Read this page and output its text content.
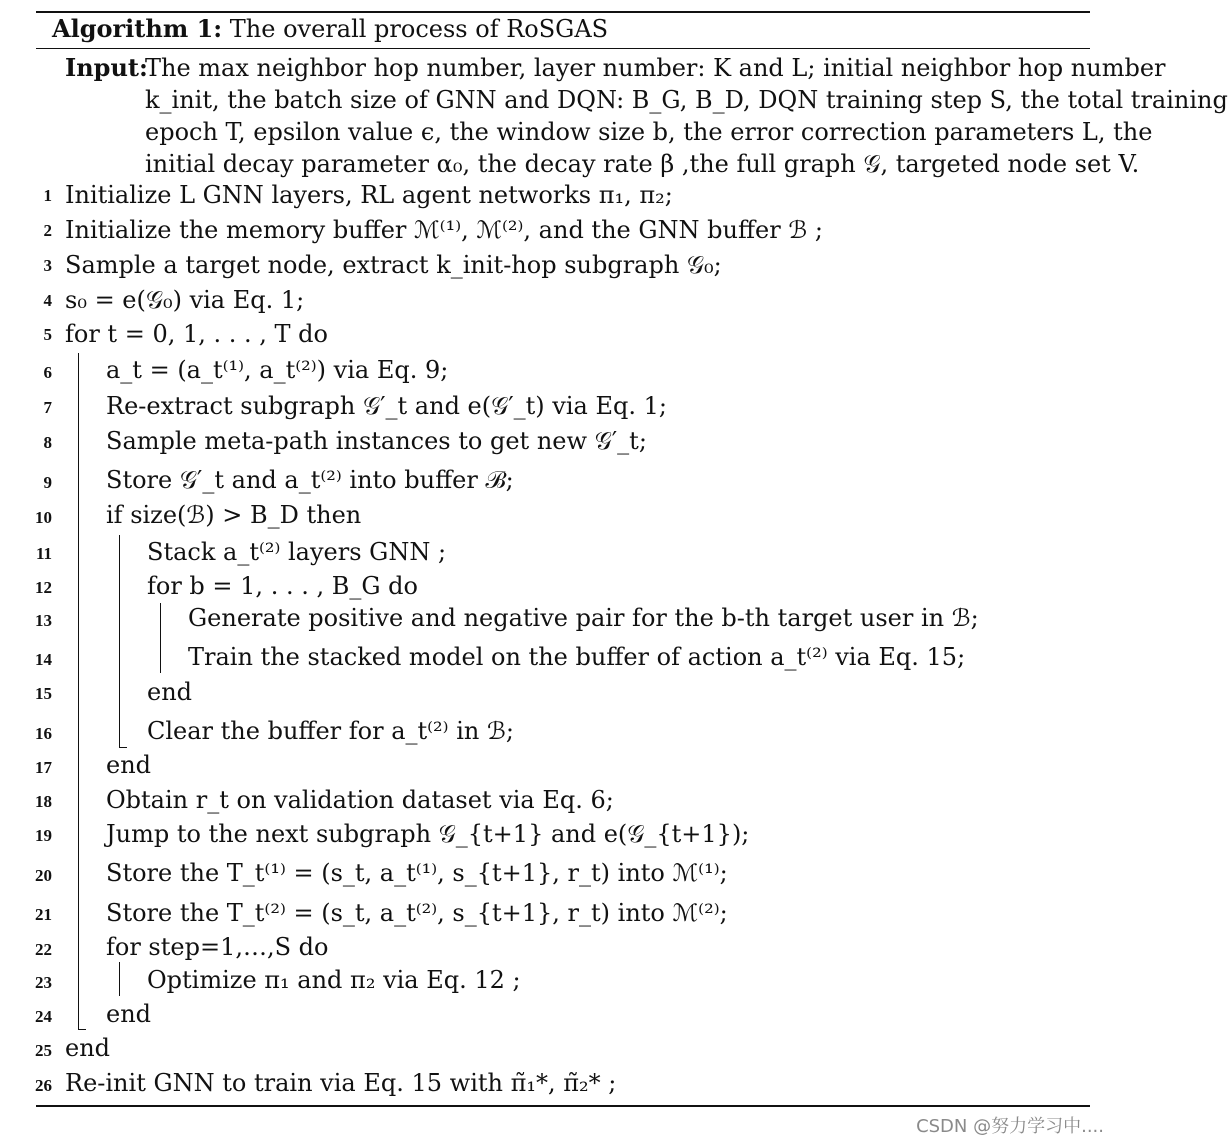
Algorithm 1: The overall process of RoSGAS
Input:
The max neighbor hop number, layer number: K and L; initial neighbor hop number
k_init, the batch size of GNN and DQN: B_G, B_D, DQN training step S, the total training
epoch T, epsilon value ϵ, the window size b, the error correction parameters L, the
initial decay parameter α₀, the decay rate β ,the full graph 𝒢, targeted node set V.
1 Initialize L GNN layers, RL agent networks π₁, π₂;
2 Initialize the memory buffer ℳ⁽¹⁾, ℳ⁽²⁾, and the GNN buffer ℬ ;
3 Sample a target node, extract k_init-hop subgraph 𝒢₀;
4 s₀ = e(𝒢₀) via Eq. 1;
5 for t = 0, 1, . . . , T do
6 a_t = (a_t⁽¹⁾, a_t⁽²⁾) via Eq. 9;
7 Re-extract subgraph 𝒢′_t and e(𝒢′_t) via Eq. 1;
8 Sample meta-path instances to get new 𝒢′_t;
9 Store 𝒢′_t and a_t⁽²⁾ into buffer ℬ;
10 if size(ℬ) > B_D then
11	Stack a_t⁽²⁾ layers GNN ;
12	for b = 1, . . . , B_G do
13	Generate positive and negative pair for the b-th target user in ℬ;
14	Train the stacked model on the buffer of action a_t⁽²⁾ via Eq. 15;
15	end
16	Clear the buffer for a_t⁽²⁾ in ℬ;
17 end
18 Obtain r_t on validation dataset via Eq. 6;
19 Jump to the next subgraph 𝒢_{t+1} and e(𝒢_{t+1});
20 Store the T_t⁽¹⁾ = (s_t, a_t⁽¹⁾, s_{t+1}, r_t) into ℳ⁽¹⁾;
21 Store the T_t⁽²⁾ = (s_t, a_t⁽²⁾, s_{t+1}, r_t) into ℳ⁽²⁾;
22 for step=1,…,S do
23	Optimize π₁ and π₂ via Eq. 12 ;
24 end
25 end
26 Re-init GNN to train via Eq. 15 with π̃₁*, π̃₂* ;
CSDN @努力学习中....
